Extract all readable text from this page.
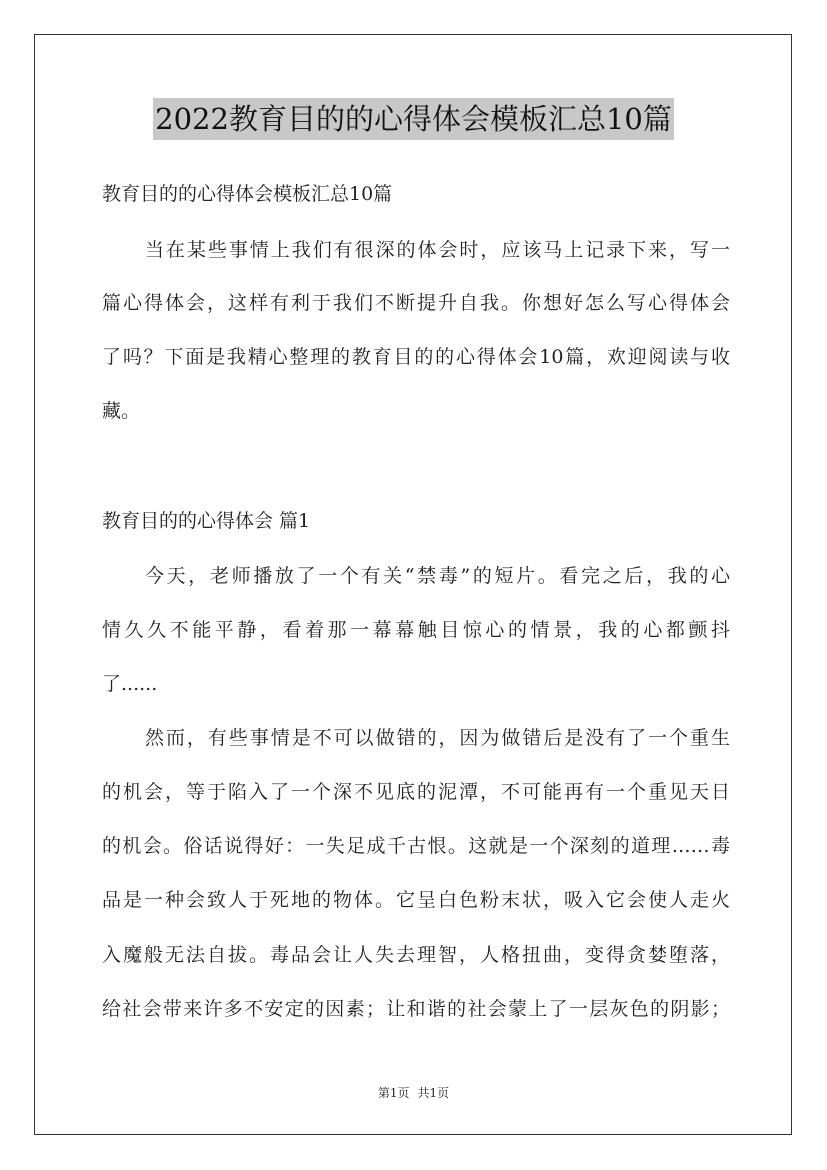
2022教育目的的心得体会模板汇总10篇
教育目的的心得体会模板汇总10篇
当在某些事情上我们有很深的体会时，应该马上记录下来，写一
篇心得体会，这样有利于我们不断提升自我。你想好怎么写心得体会
了吗？下面是我精心整理的教育目的的心得体会10篇，欢迎阅读与收
藏。
教育目的的心得体会 篇1
今天，老师播放了一个有关“禁毒”的短片。看完之后，我的心
情久久不能平静，看着那一幕幕触目惊心的情景，我的心都颤抖
了......
然而，有些事情是不可以做错的，因为做错后是没有了一个重生
的机会，等于陷入了一个深不见底的泥潭，不可能再有一个重见天日
的机会。俗话说得好：一失足成千古恨。这就是一个深刻的道理……毒
品是一种会致人于死地的物体。它呈白色粉末状，吸入它会使人走火
入魔般无法自拔。毒品会让人失去理智，人格扭曲，变得贪婪堕落，
给社会带来许多不安定的因素；让和谐的社会蒙上了一层灰色的阴影；
第1页 共1页
